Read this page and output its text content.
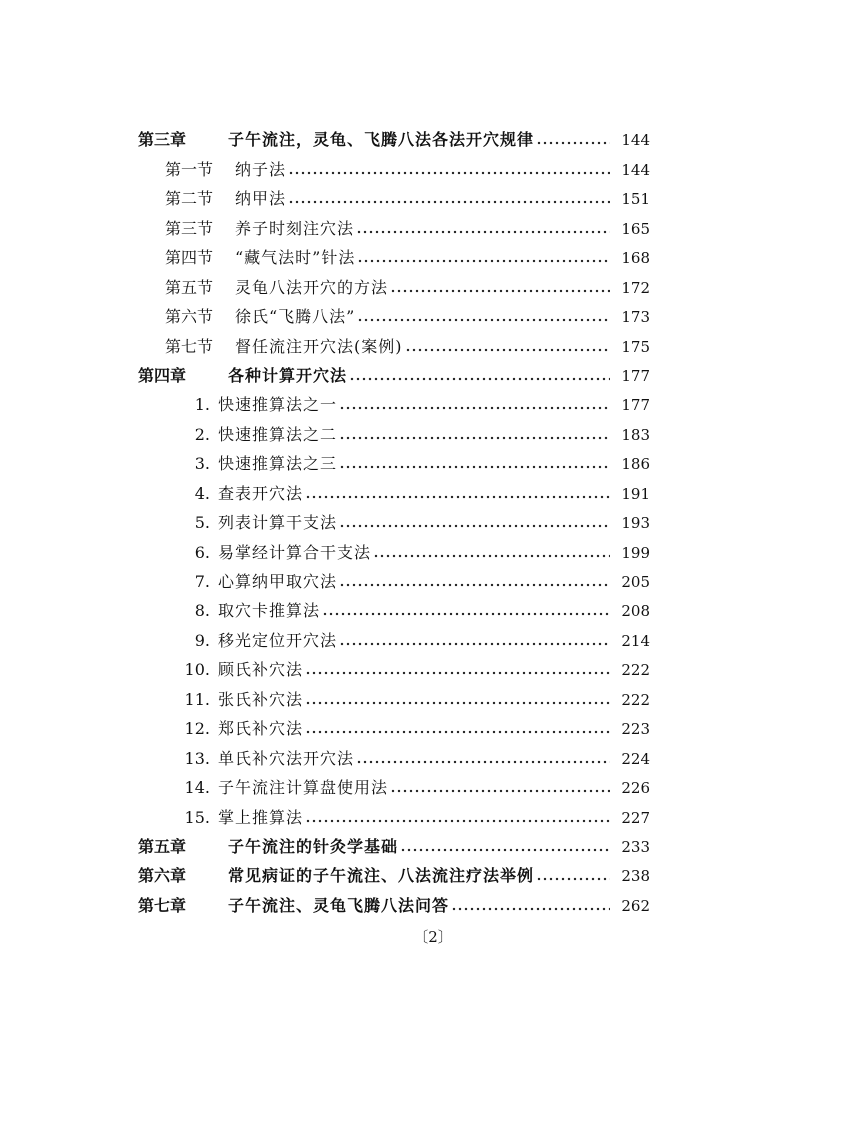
第三章	子午流注，灵龟、飞腾八法各法开穴规律	144
第一节	纳子法	144
第二节	纳甲法	151
第三节	养子时刻注穴法	165
第四节	“藏气法时”针法	168
第五节	灵龟八法开穴的方法	172
第六节	徐氏“飞腾八法”	173
第七节	督任流注开穴法(案例)	175
第四章	各种计算开穴法	177
1. 快速推算法之一	177
2. 快速推算法之二	183
3. 快速推算法之三	186
4. 查表开穴法	191
5. 列表计算干支法	193
6. 易掌经计算合干支法	199
7. 心算纳甲取穴法	205
8. 取穴卡推算法	208
9. 移光定位开穴法	214
10. 顾氏补穴法	222
11. 张氏补穴法	222
12. 郑氏补穴法	223
13. 单氏补穴法开穴法	224
14. 子午流注计算盘使用法	226
15. 掌上推算法	227
第五章	子午流注的针灸学基础	233
第六章	常见病证的子午流注、八法流注疗法举例	238
第七章	子午流注、灵龟飞腾八法问答	262
〔2〕
